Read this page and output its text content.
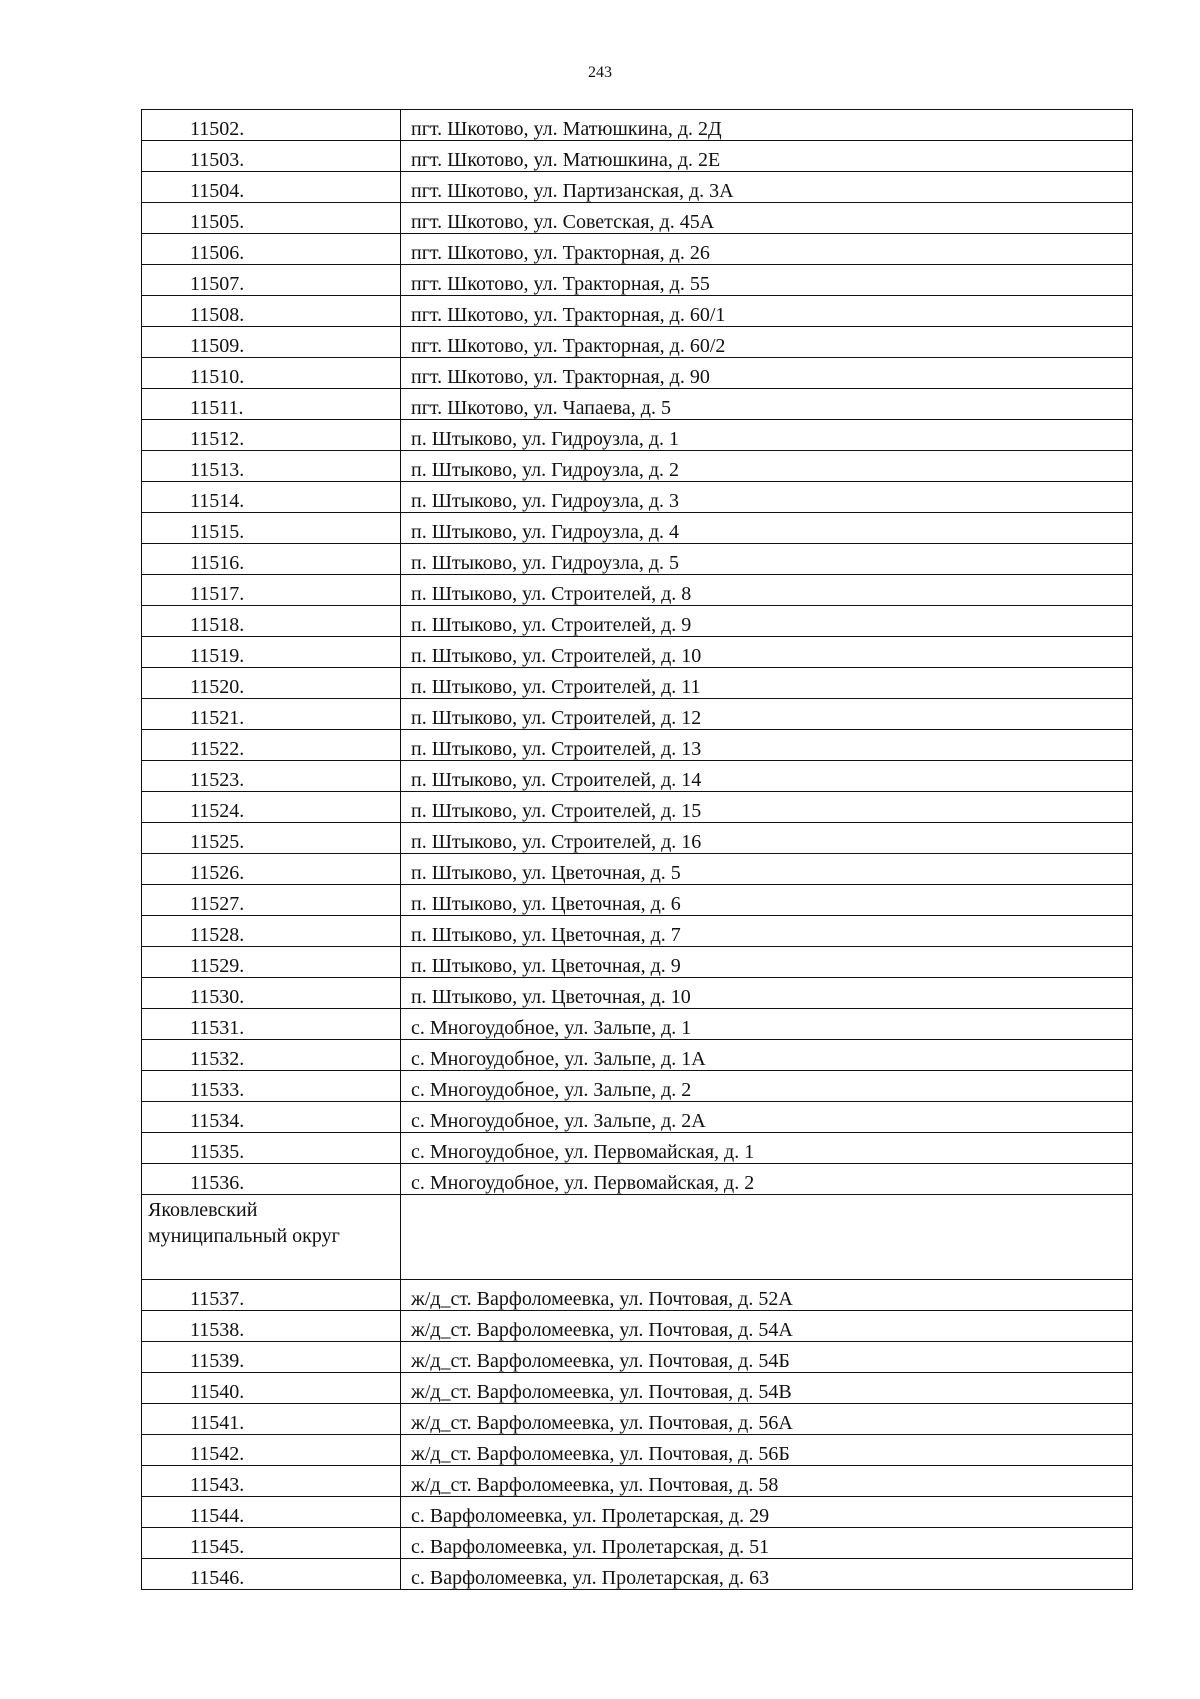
243
11502.	пгт. Шкотово, ул. Матюшкина, д. 2Д
11503.	пгт. Шкотово, ул. Матюшкина, д. 2Е
11504.	пгт. Шкотово, ул. Партизанская, д. 3А
11505.	пгт. Шкотово, ул. Советская, д. 45А
11506.	пгт. Шкотово, ул. Тракторная, д. 26
11507.	пгт. Шкотово, ул. Тракторная, д. 55
11508.	пгт. Шкотово, ул. Тракторная, д. 60/1
11509.	пгт. Шкотово, ул. Тракторная, д. 60/2
11510.	пгт. Шкотово, ул. Тракторная, д. 90
11511.	пгт. Шкотово, ул. Чапаева, д. 5
11512.	п. Штыково, ул. Гидроузла, д. 1
11513.	п. Штыково, ул. Гидроузла, д. 2
11514.	п. Штыково, ул. Гидроузла, д. 3
11515.	п. Штыково, ул. Гидроузла, д. 4
11516.	п. Штыково, ул. Гидроузла, д. 5
11517.	п. Штыково, ул. Строителей, д. 8
11518.	п. Штыково, ул. Строителей, д. 9
11519.	п. Штыково, ул. Строителей, д. 10
11520.	п. Штыково, ул. Строителей, д. 11
11521.	п. Штыково, ул. Строителей, д. 12
11522.	п. Штыково, ул. Строителей, д. 13
11523.	п. Штыково, ул. Строителей, д. 14
11524.	п. Штыково, ул. Строителей, д. 15
11525.	п. Штыково, ул. Строителей, д. 16
11526.	п. Штыково, ул. Цветочная, д. 5
11527.	п. Штыково, ул. Цветочная, д. 6
11528.	п. Штыково, ул. Цветочная, д. 7
11529.	п. Штыково, ул. Цветочная, д. 9
11530.	п. Штыково, ул. Цветочная, д. 10
11531.	с. Многоудобное, ул. Зальпе, д. 1
11532.	с. Многоудобное, ул. Зальпе, д. 1А
11533.	с. Многоудобное, ул. Зальпе, д. 2
11534.	с. Многоудобное, ул. Зальпе, д. 2А
11535.	с. Многоудобное, ул. Первомайская, д. 1
11536.	с. Многоудобное, ул. Первомайская, д. 2
Яковлевский муниципальный округ	
11537.	ж/д_ст. Варфоломеевка, ул. Почтовая, д. 52А
11538.	ж/д_ст. Варфоломеевка, ул. Почтовая, д. 54А
11539.	ж/д_ст. Варфоломеевка, ул. Почтовая, д. 54Б
11540.	ж/д_ст. Варфоломеевка, ул. Почтовая, д. 54В
11541.	ж/д_ст. Варфоломеевка, ул. Почтовая, д. 56А
11542.	ж/д_ст. Варфоломеевка, ул. Почтовая, д. 56Б
11543.	ж/д_ст. Варфоломеевка, ул. Почтовая, д. 58
11544.	с. Варфоломеевка, ул. Пролетарская, д. 29
11545.	с. Варфоломеевка, ул. Пролетарская, д. 51
11546.	с. Варфоломеевка, ул. Пролетарская, д. 63
